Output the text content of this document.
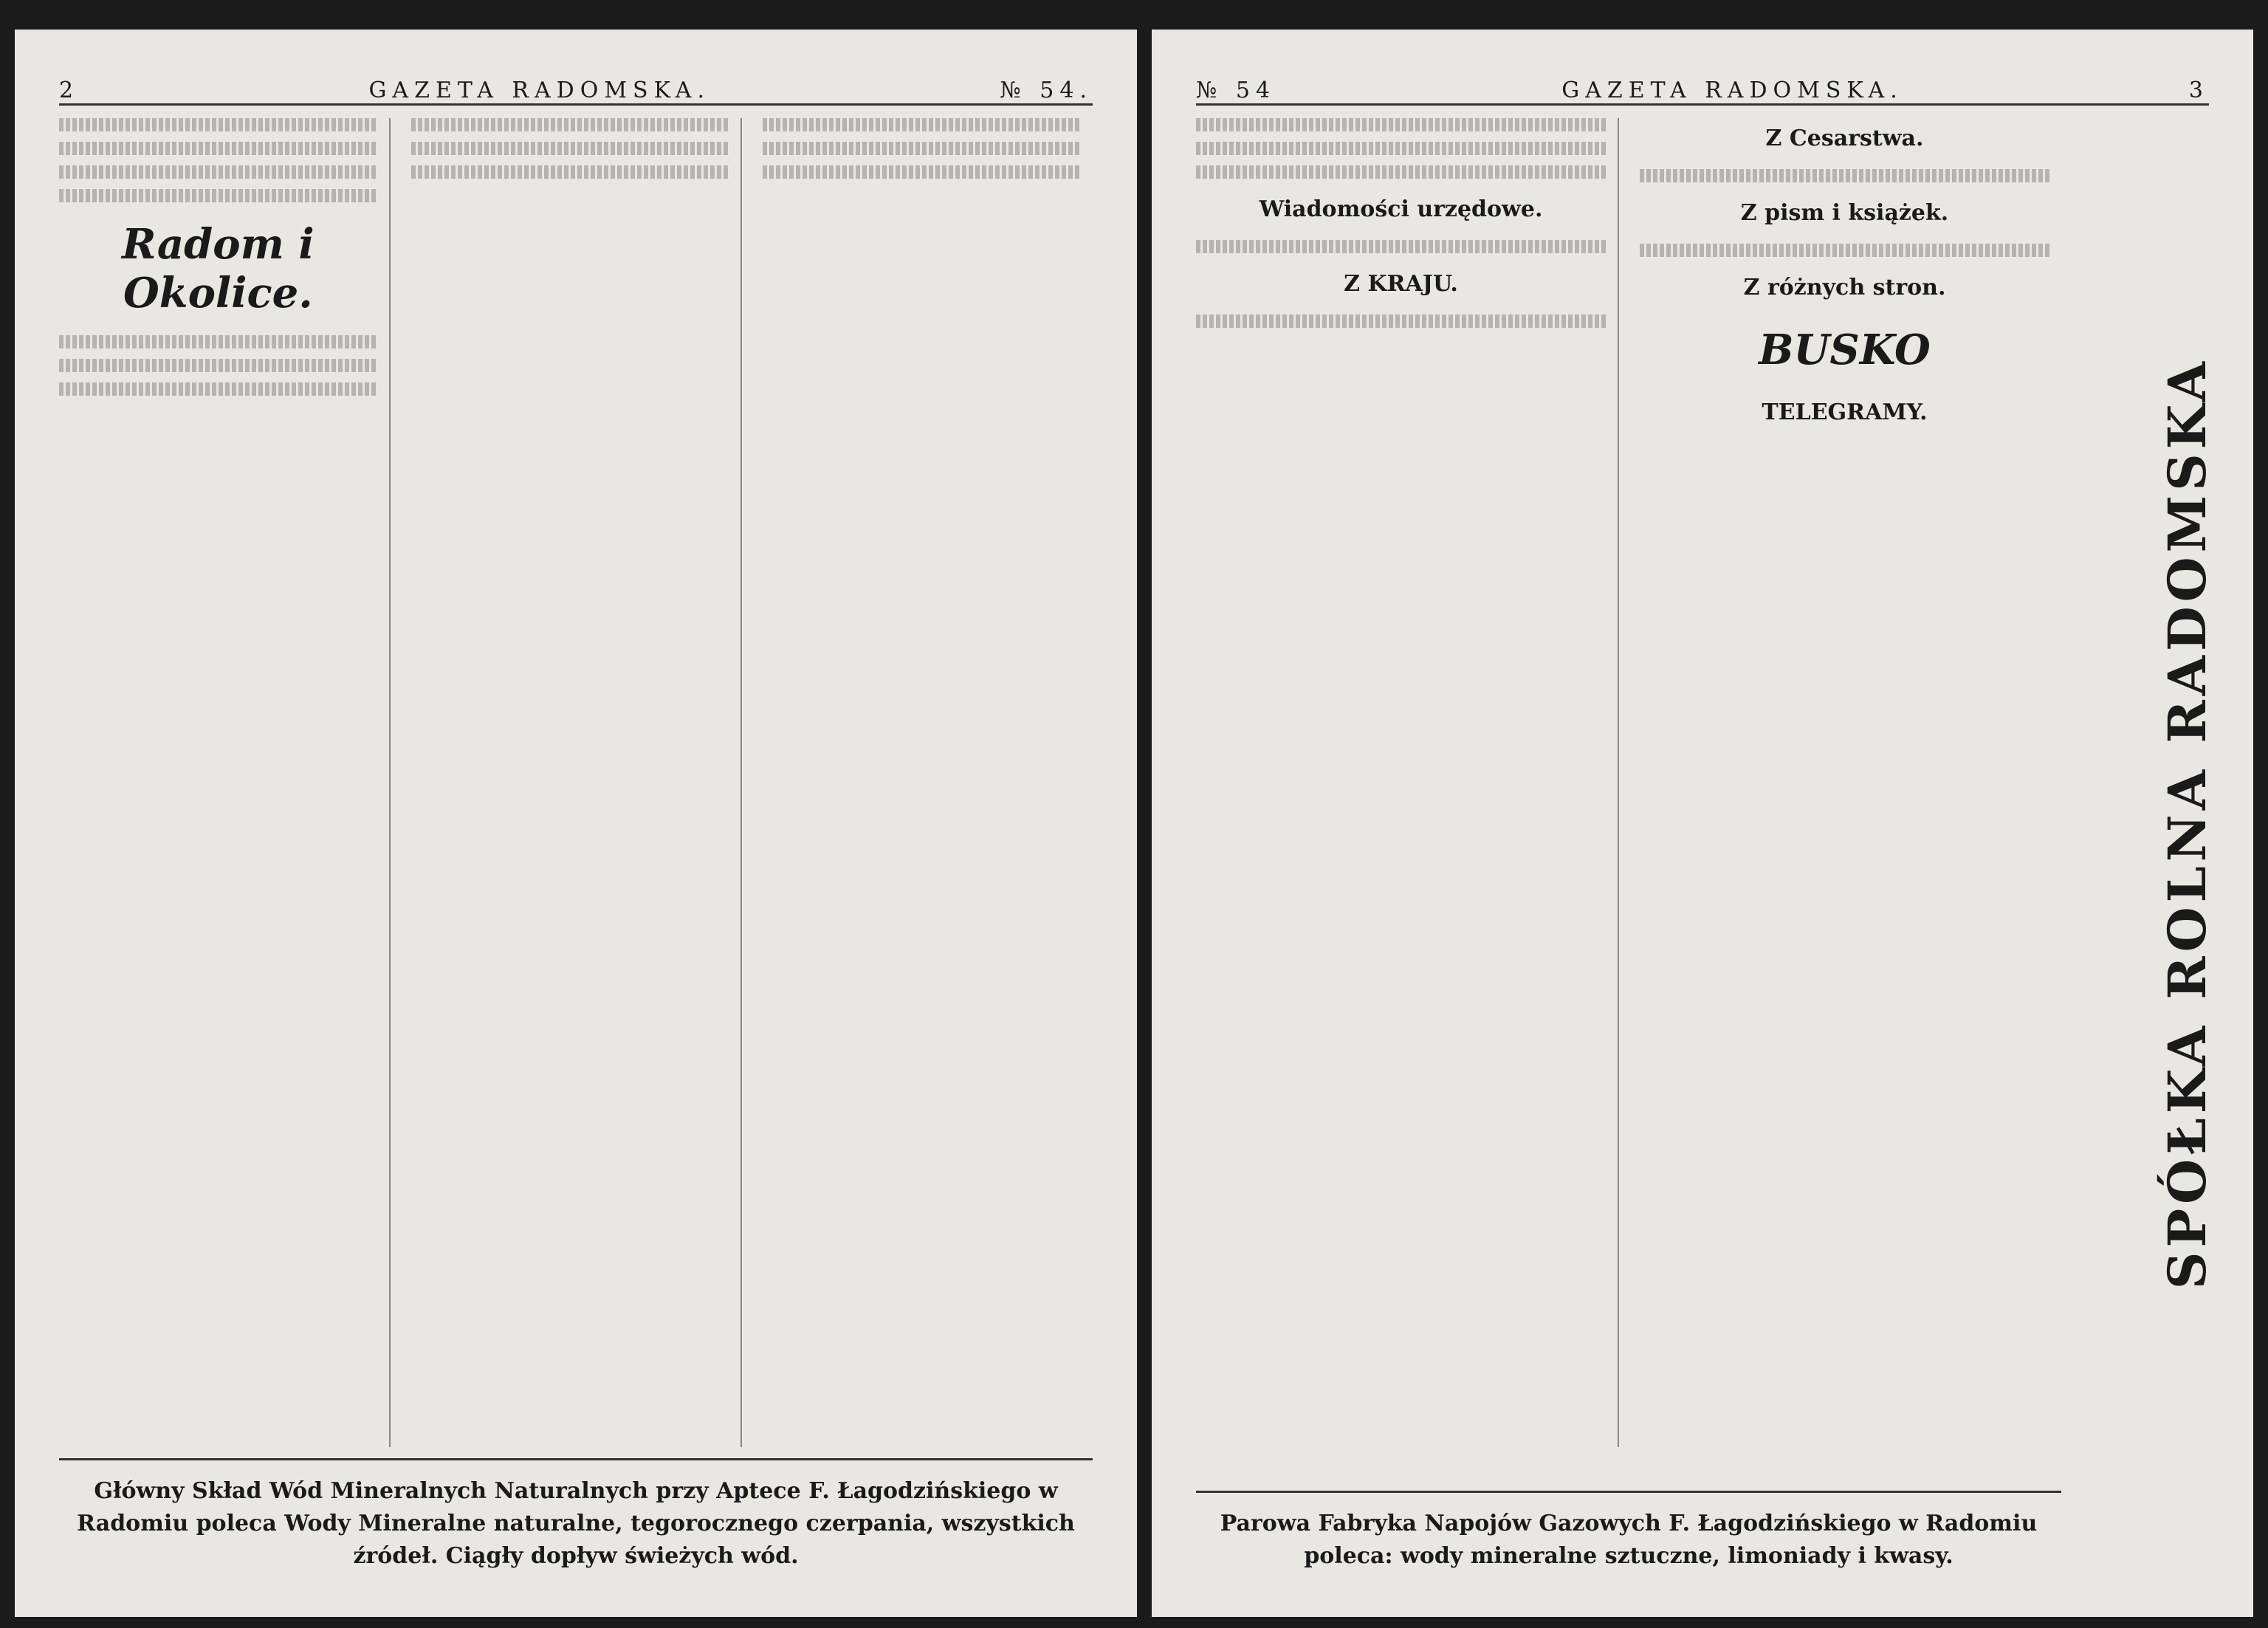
2	GAZETA RADOMSKA.	№ 54.
Radom i Okolice.
Główny Skład Wód Mineralnych Naturalnych przy Aptece F. Łagodzińskiego w Radomiu poleca Wody Mineralne naturalne, tegorocznego czerpania, wszystkich źródeł. Ciągły dopływ świeżych wód.
№ 54	GAZETA RADOMSKA.	3
Wiadomości urzędowe.
Z KRAJU.
Z Cesarstwa.
Z pism i książek.
Z różnych stron.
BUSKO
TELEGRAMY.	SPÓŁKA ROLNA RADOMSKA
Parowa Fabryka Napojów Gazowych F. Łagodzińskiego w Radomiu poleca: wody mineralne sztuczne, limoniady i kwasy.
